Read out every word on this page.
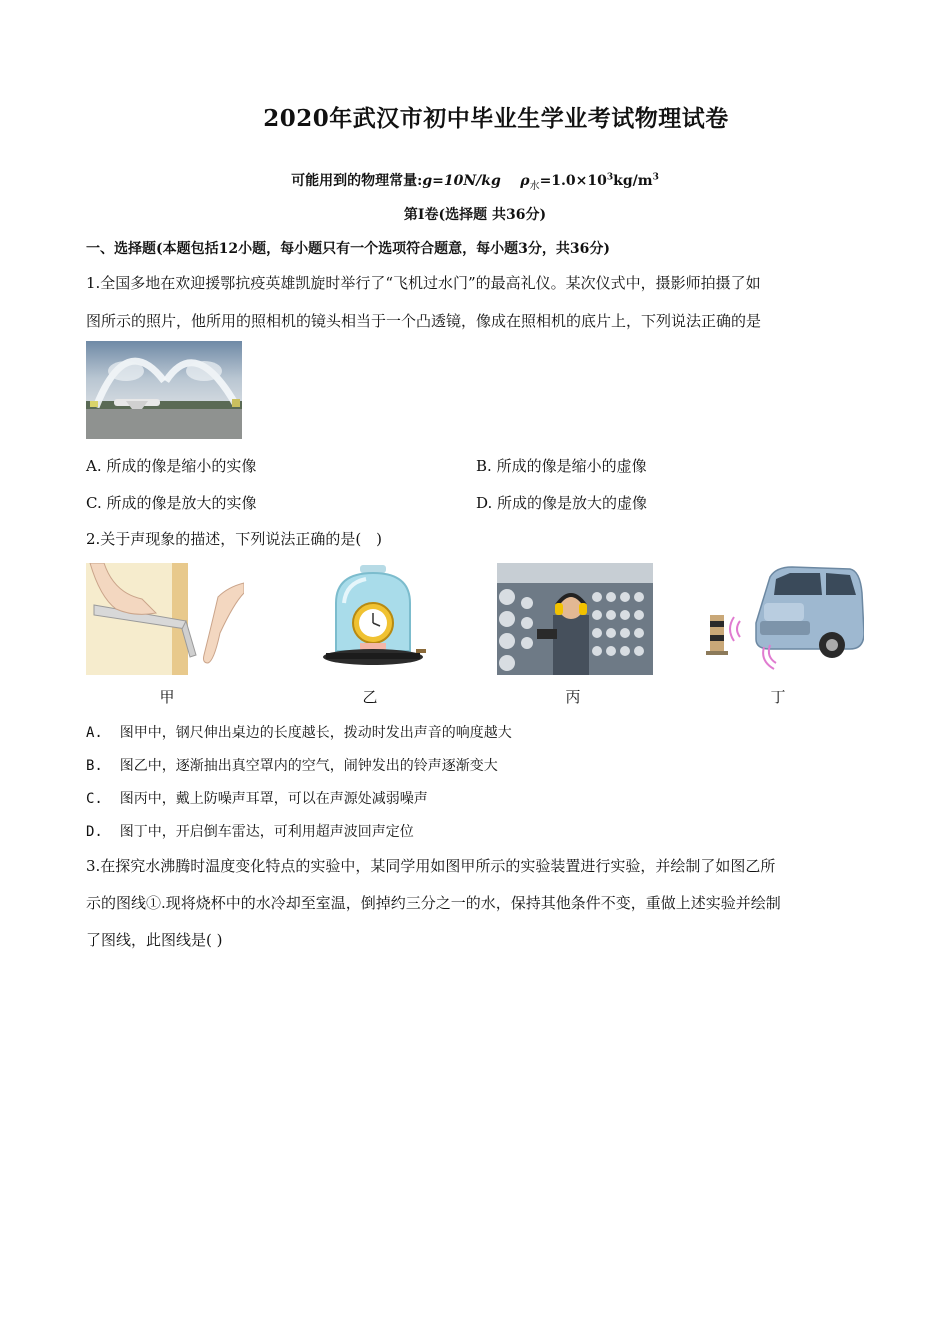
2020年武汉市初中毕业生学业考试物理试卷
可能用到的物理常量:g=10N/kg $\rho_水=1.0\times 10^3kg/m^3$
第Ⅰ卷(选择题 共36分)
一、选择题(本题包括12小题，每小题只有一个选项符合题意，每小题3分，共36分)
1.全国多地在欢迎援鄂抗疫英雄凯旋时举行了“飞机过水门”的最高礼仪。某次仪式中，摄影师拍摄了如
图所示的照片，他所用的照相机的镜头相当于一个凸透镜，像成在照相机的底片上，下列说法正确的是
A. 所成的像是缩小的实像	B. 所成的像是缩小的虚像
C. 所成的像是放大的实像	D. 所成的像是放大的虚像
2.关于声现象的描述，下列说法正确的是(　)
甲	乙	丙	丁
A. 图甲中，钢尺伸出桌边的长度越长，拨动时发出声音的响度越大
B. 图乙中，逐渐抽出真空罩内的空气，闹钟发出的铃声逐渐变大
C. 图丙中，戴上防噪声耳罩，可以在声源处减弱噪声
D. 图丁中，开启倒车雷达，可利用超声波回声定位
3.在探究水沸腾时温度变化特点的实验中，某同学用如图甲所示的实验装置进行实验，并绘制了如图乙所
示的图线①.现将烧杯中的水冷却至室温，倒掉约三分之一的水，保持其他条件不变，重做上述实验并绘制
了图线，此图线是( )
